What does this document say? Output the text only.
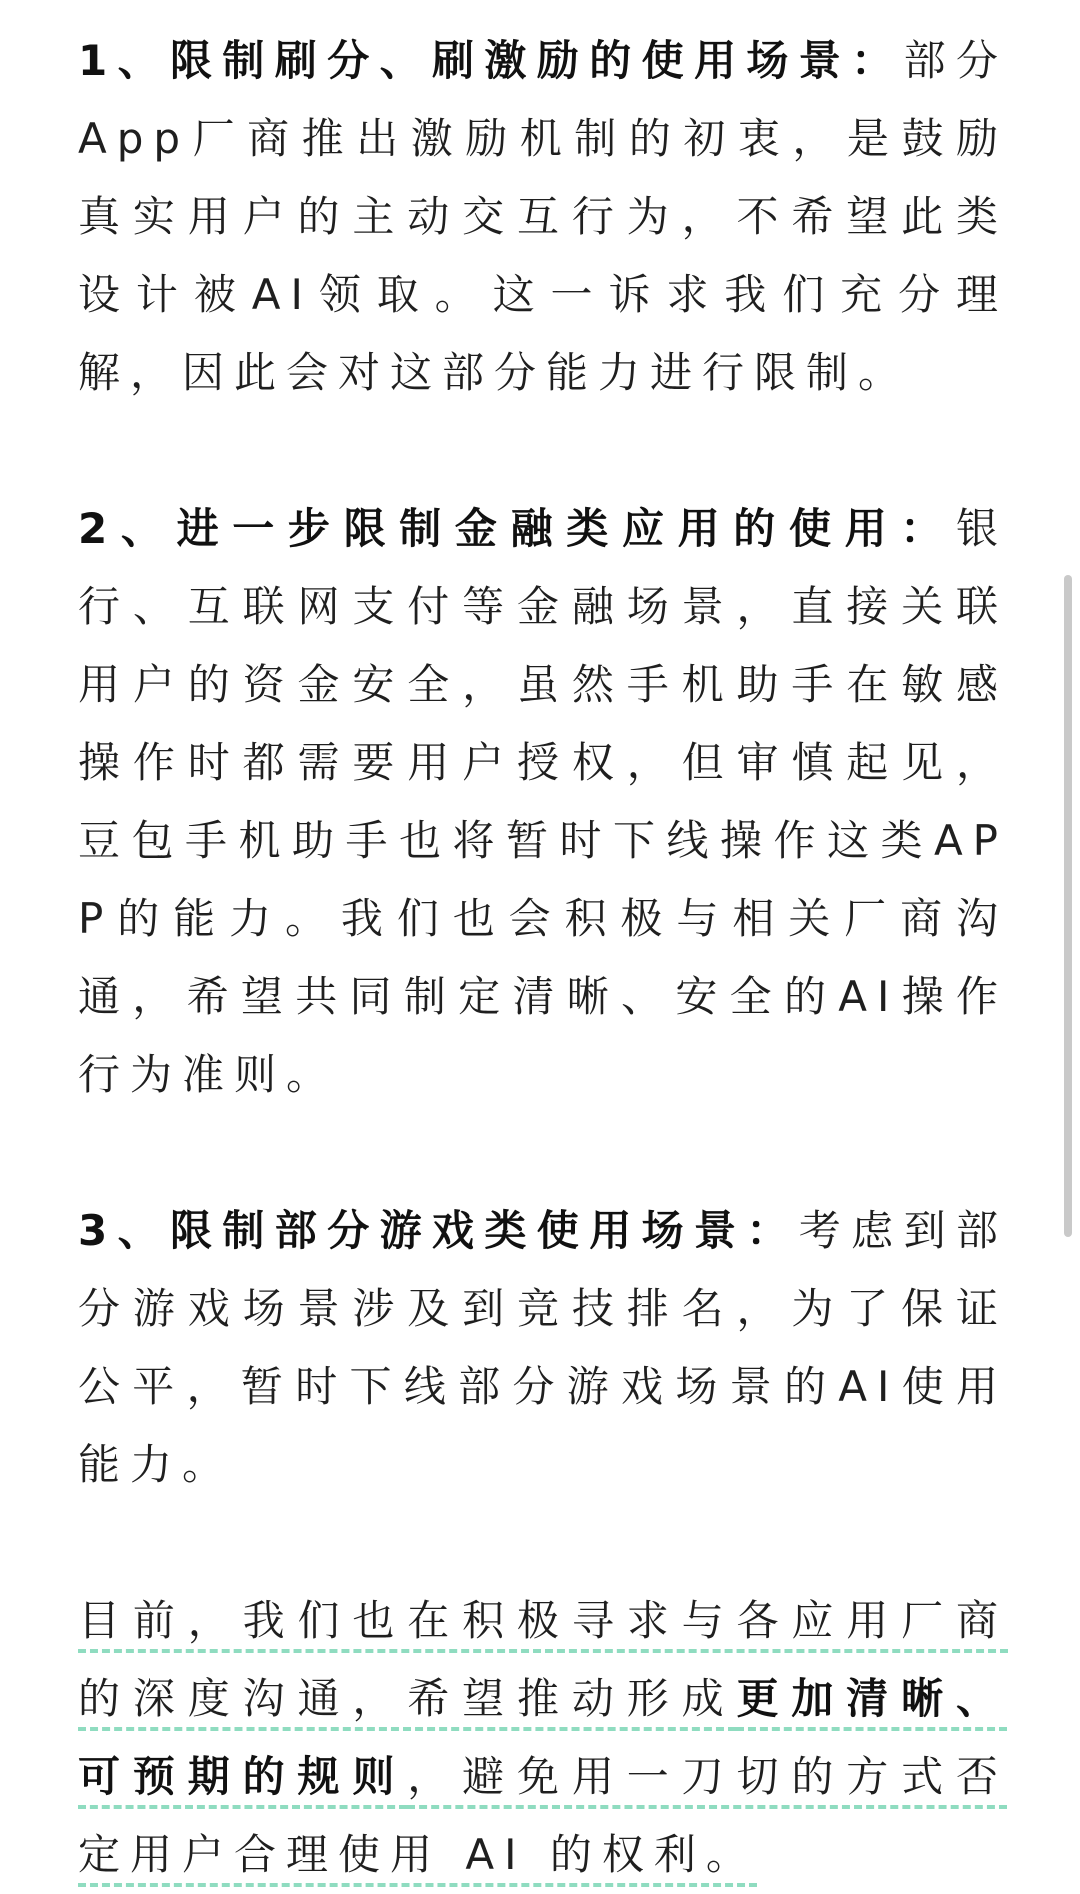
1、限制刷分、刷激励的使用场景：部分App厂商推出激励机制的初衷，是鼓励真实用户的主动交互行为，不希望此类设计被AI领取。这一诉求我们充分理解，因此会对这部分能力进行限制。

2、进一步限制金融类应用的使用：银行、互联网支付等金融场景，直接关联用户的资金安全，虽然手机助手在敏感操作时都需要用户授权，但审慎起见，豆包手机助手也将暂时下线操作这类APP的能力。我们也会积极与相关厂商沟通，希望共同制定清晰、安全的AI操作行为准则。

3、限制部分游戏类使用场景：考虑到部分游戏场景涉及到竞技排名，为了保证公平，暂时下线部分游戏场景的AI使用能力。

目前，我们也在积极寻求与各应用厂商的深度沟通，希望推动形成更加清晰、可预期的规则，避免用一刀切的方式否定用户合理使用 AI 的权利。
